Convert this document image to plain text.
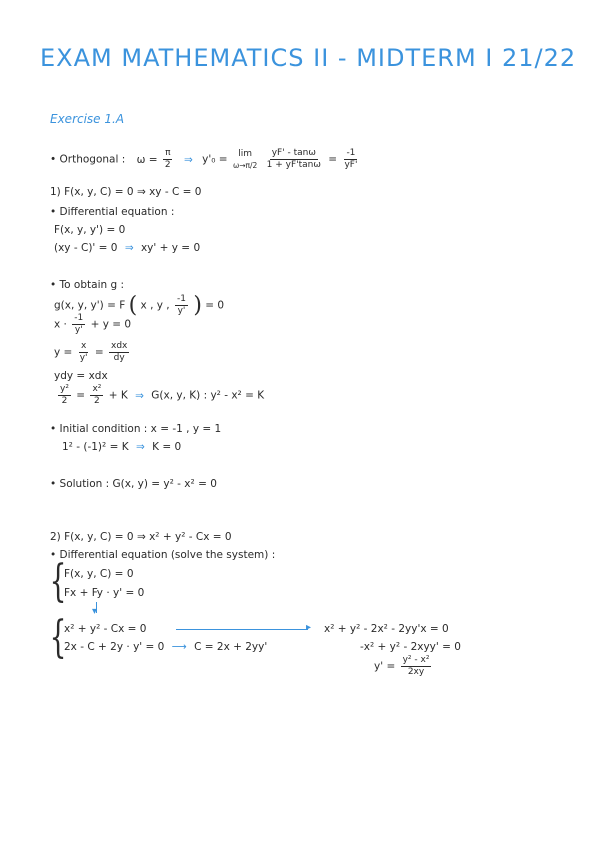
EXAM MATHEMATICS II - MIDTERM I 21/22
Exercise 1.A
• Orthogonal : $\omega = \frac{\pi}{2}$ ⇒ y'₀ = lim
ω→π/2
$\frac{yF' - \tan\omega}{1 + yF'\tan\omega} = \frac{-1}{yF'}$
1) F(x, y, C) = 0 ⇒ xy - C = 0
• Differential equation :
F(x, y, y') = 0
(xy - C)' = 0 ⇒ xy' + y = 0
• To obtain g :
g(x, y, y') = F ( x , y , $\frac{-1}{y'}$ ) = 0
$x \cdot \frac{-1}{y'} + y = 0$
$y = \frac{x}{y'} = \frac{\text{xdx}}{dy}$
ydy = xdx
$\frac{\text{y²}}{2} = \frac{\text{x²}}{2} + K$ ⇒ G(x, y, K) : y² - x² = K
• Initial condition : x = -1 , y = 1
1² - (-1)² = K ⇒ K = 0
• Solution : G(x, y) = y² - x² = 0
2) F(x, y, C) = 0 ⇒ x² + y² - Cx = 0
• Differential equation (solve the system) :
{
F(x, y, C) = 0
Fx + Fy · y' = 0
▾
{
x² + y² - Cx = 0	▸
2x - C + 2y · y' = 0 ⟶ C = 2x + 2yy'
x² + y² - 2x² - 2yy'x = 0
-x² + y² - 2xyy' = 0
$y' = \frac{\text{y² - x²}}{2xy}$
